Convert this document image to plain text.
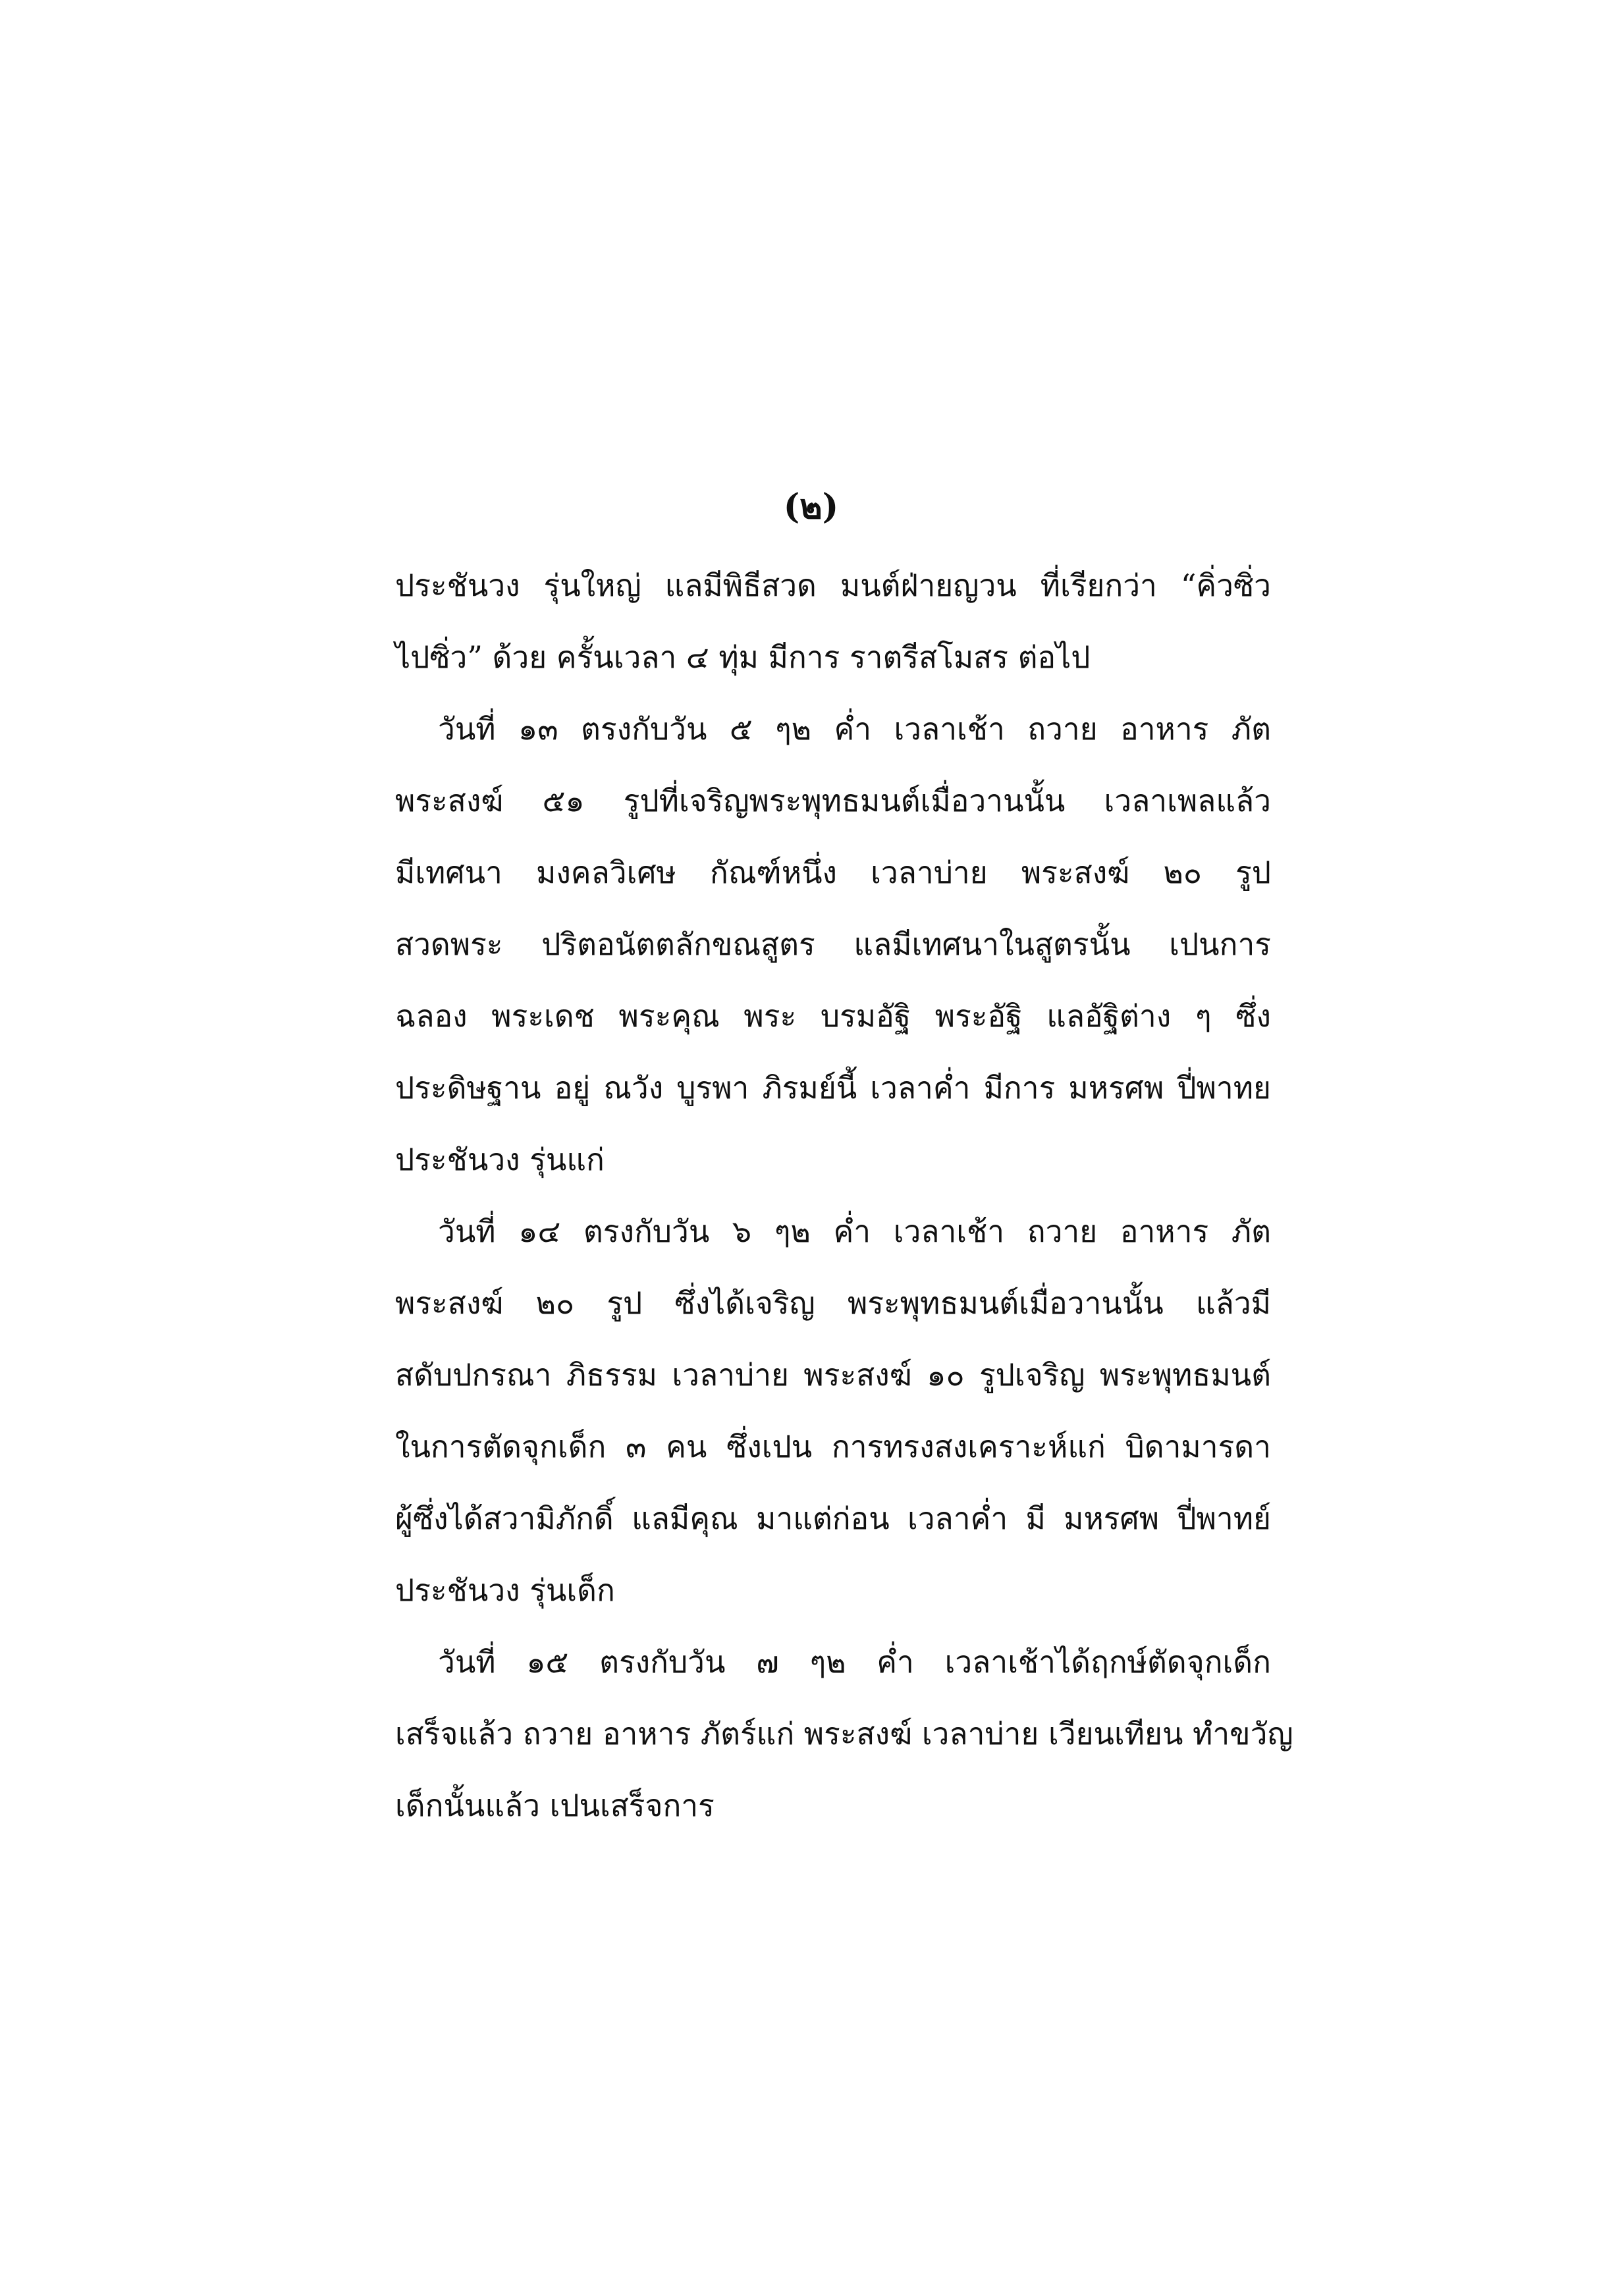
(๒)
ประชันวง รุ่นใหญ่ แลมีพิธีสวด มนต์ฝ่ายญวน ที่เรียกว่า “คิ่วซิ่ว
ไปซิ่ว” ด้วย ครั้นเวลา ๔ ทุ่ม มีการ ราตรีสโมสร ต่อไป
วันที่ ๑๓ ตรงกับวัน ๕ ๆ๒ ค่ำ เวลาเช้า ถวาย อาหาร ภัต
พระสงฆ์ ๕๑ รูปที่เจริญพระพุทธมนต์เมื่อวานนั้น เวลาเพลแล้ว
มีเทศนา มงคลวิเศษ กัณฑ์หนึ่ง เวลาบ่าย พระสงฆ์ ๒๐ รูป
สวดพระ ปริตอนัตตลักขณสูตร แลมีเทศนาในสูตรนั้น เปนการ
ฉลอง พระเดช พระคุณ พระ บรมอัฐิ พระอัฐิ แลอัฐิต่าง ๆ ซึ่ง
ประดิษฐาน อยู่ ณวัง บูรพา ภิรมย์นี้ เวลาค่ำ มีการ มหรศพ ปี่พาทย
ประชันวง รุ่นแก่
วันที่ ๑๔ ตรงกับวัน ๖ ๆ๒ ค่ำ เวลาเช้า ถวาย อาหาร ภัต
พระสงฆ์ ๒๐ รูป ซึ่งได้เจริญ พระพุทธมนต์เมื่อวานนั้น แล้วมี
สดับปกรณา ภิธรรม เวลาบ่าย พระสงฆ์ ๑๐ รูปเจริญ พระพุทธมนต์
ในการตัดจุกเด็ก ๓ คน ซึ่งเปน การทรงสงเคราะห์แก่ บิดามารดา
ผู้ซึ่งได้สวามิภักดิ์ แลมีคุณ มาแต่ก่อน เวลาค่ำ มี มหรศพ ปี่พาทย์
ประชันวง รุ่นเด็ก
วันที่ ๑๕ ตรงกับวัน ๗ ๆ๒ ค่ำ เวลาเช้าได้ฤกษ์ตัดจุกเด็ก
เสร็จแล้ว ถวาย อาหาร ภัตร์แก่ พระสงฆ์ เวลาบ่าย เวียนเทียน ทำขวัญ
เด็กนั้นแล้ว เปนเสร็จการ
